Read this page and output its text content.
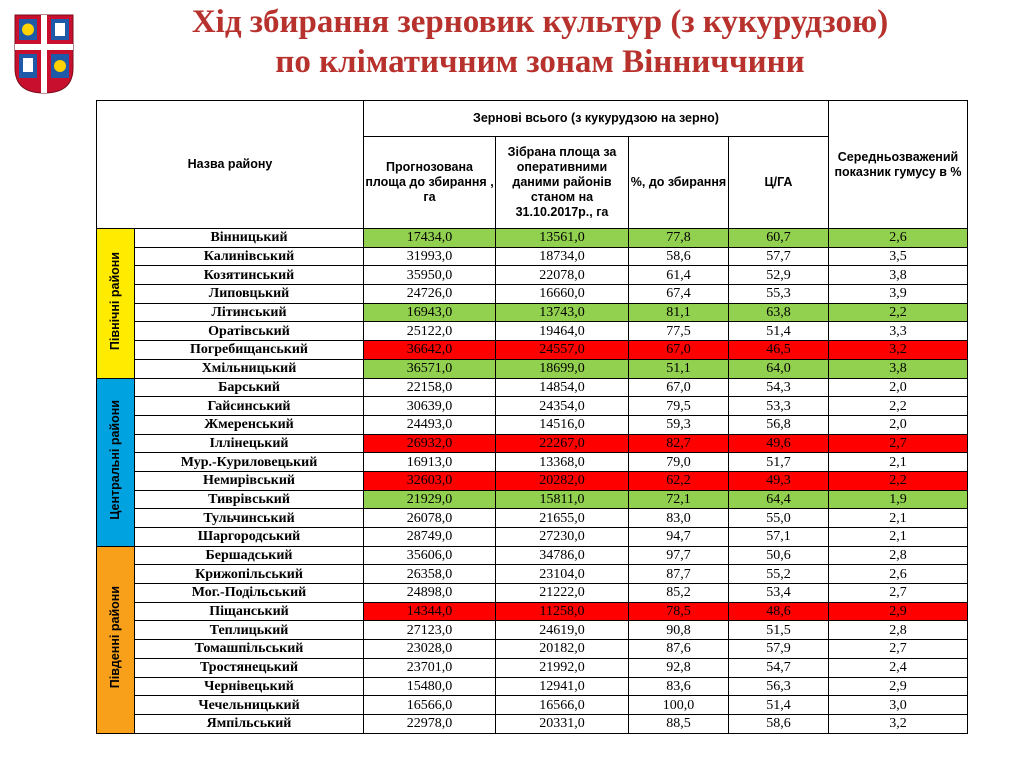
Хід збирання зерновик культур (з кукурудзою)
по кліматичним зонам Вінниччини
Назва району		Зернові всього (з кукурудзою на зерно)				Середньозважений показник гумусу в %
		Прогнозована площа до збирання , га	Зібрана площа за оперативними даними районів станом на 31.10.2017р., га	%, до збирання	Ц/ГА	
Північні райони	Вінницький	17434,0	13561,0	77,8	60,7	2,6
	Калинівський	31993,0	18734,0	58,6	57,7	3,5
	Козятинський	35950,0	22078,0	61,4	52,9	3,8
	Липовцький	24726,0	16660,0	67,4	55,3	3,9
	Літинський	16943,0	13743,0	81,1	63,8	2,2
	Оратівський	25122,0	19464,0	77,5	51,4	3,3
	Погребищанський	36642,0	24557,0	67,0	46,5	3,2
	Хмільницький	36571,0	18699,0	51,1	64,0	3,8
Центральні райони	Барський	22158,0	14854,0	67,0	54,3	2,0
	Гайсинський	30639,0	24354,0	79,5	53,3	2,2
	Жмеренський	24493,0	14516,0	59,3	56,8	2,0
	Іллінецький	26932,0	22267,0	82,7	49,6	2,7
	Мур.-Куриловецький	16913,0	13368,0	79,0	51,7	2,1
	Немирівський	32603,0	20282,0	62,2	49,3	2,2
	Тиврівський	21929,0	15811,0	72,1	64,4	1,9
	Тульчинський	26078,0	21655,0	83,0	55,0	2,1
	Шаргородський	28749,0	27230,0	94,7	57,1	2,1
Південні райони	Бершадський	35606,0	34786,0	97,7	50,6	2,8
	Крижопільський	26358,0	23104,0	87,7	55,2	2,6
	Мог.-Подільський	24898,0	21222,0	85,2	53,4	2,7
	Піщанський	14344,0	11258,0	78,5	48,6	2,9
	Теплицький	27123,0	24619,0	90,8	51,5	2,8
	Томашпільський	23028,0	20182,0	87,6	57,9	2,7
	Тростянецький	23701,0	21992,0	92,8	54,7	2,4
	Чернівецький	15480,0	12941,0	83,6	56,3	2,9
	Чечельницький	16566,0	16566,0	100,0	51,4	3,0
	Ямпільський	22978,0	20331,0	88,5	58,6	3,2
